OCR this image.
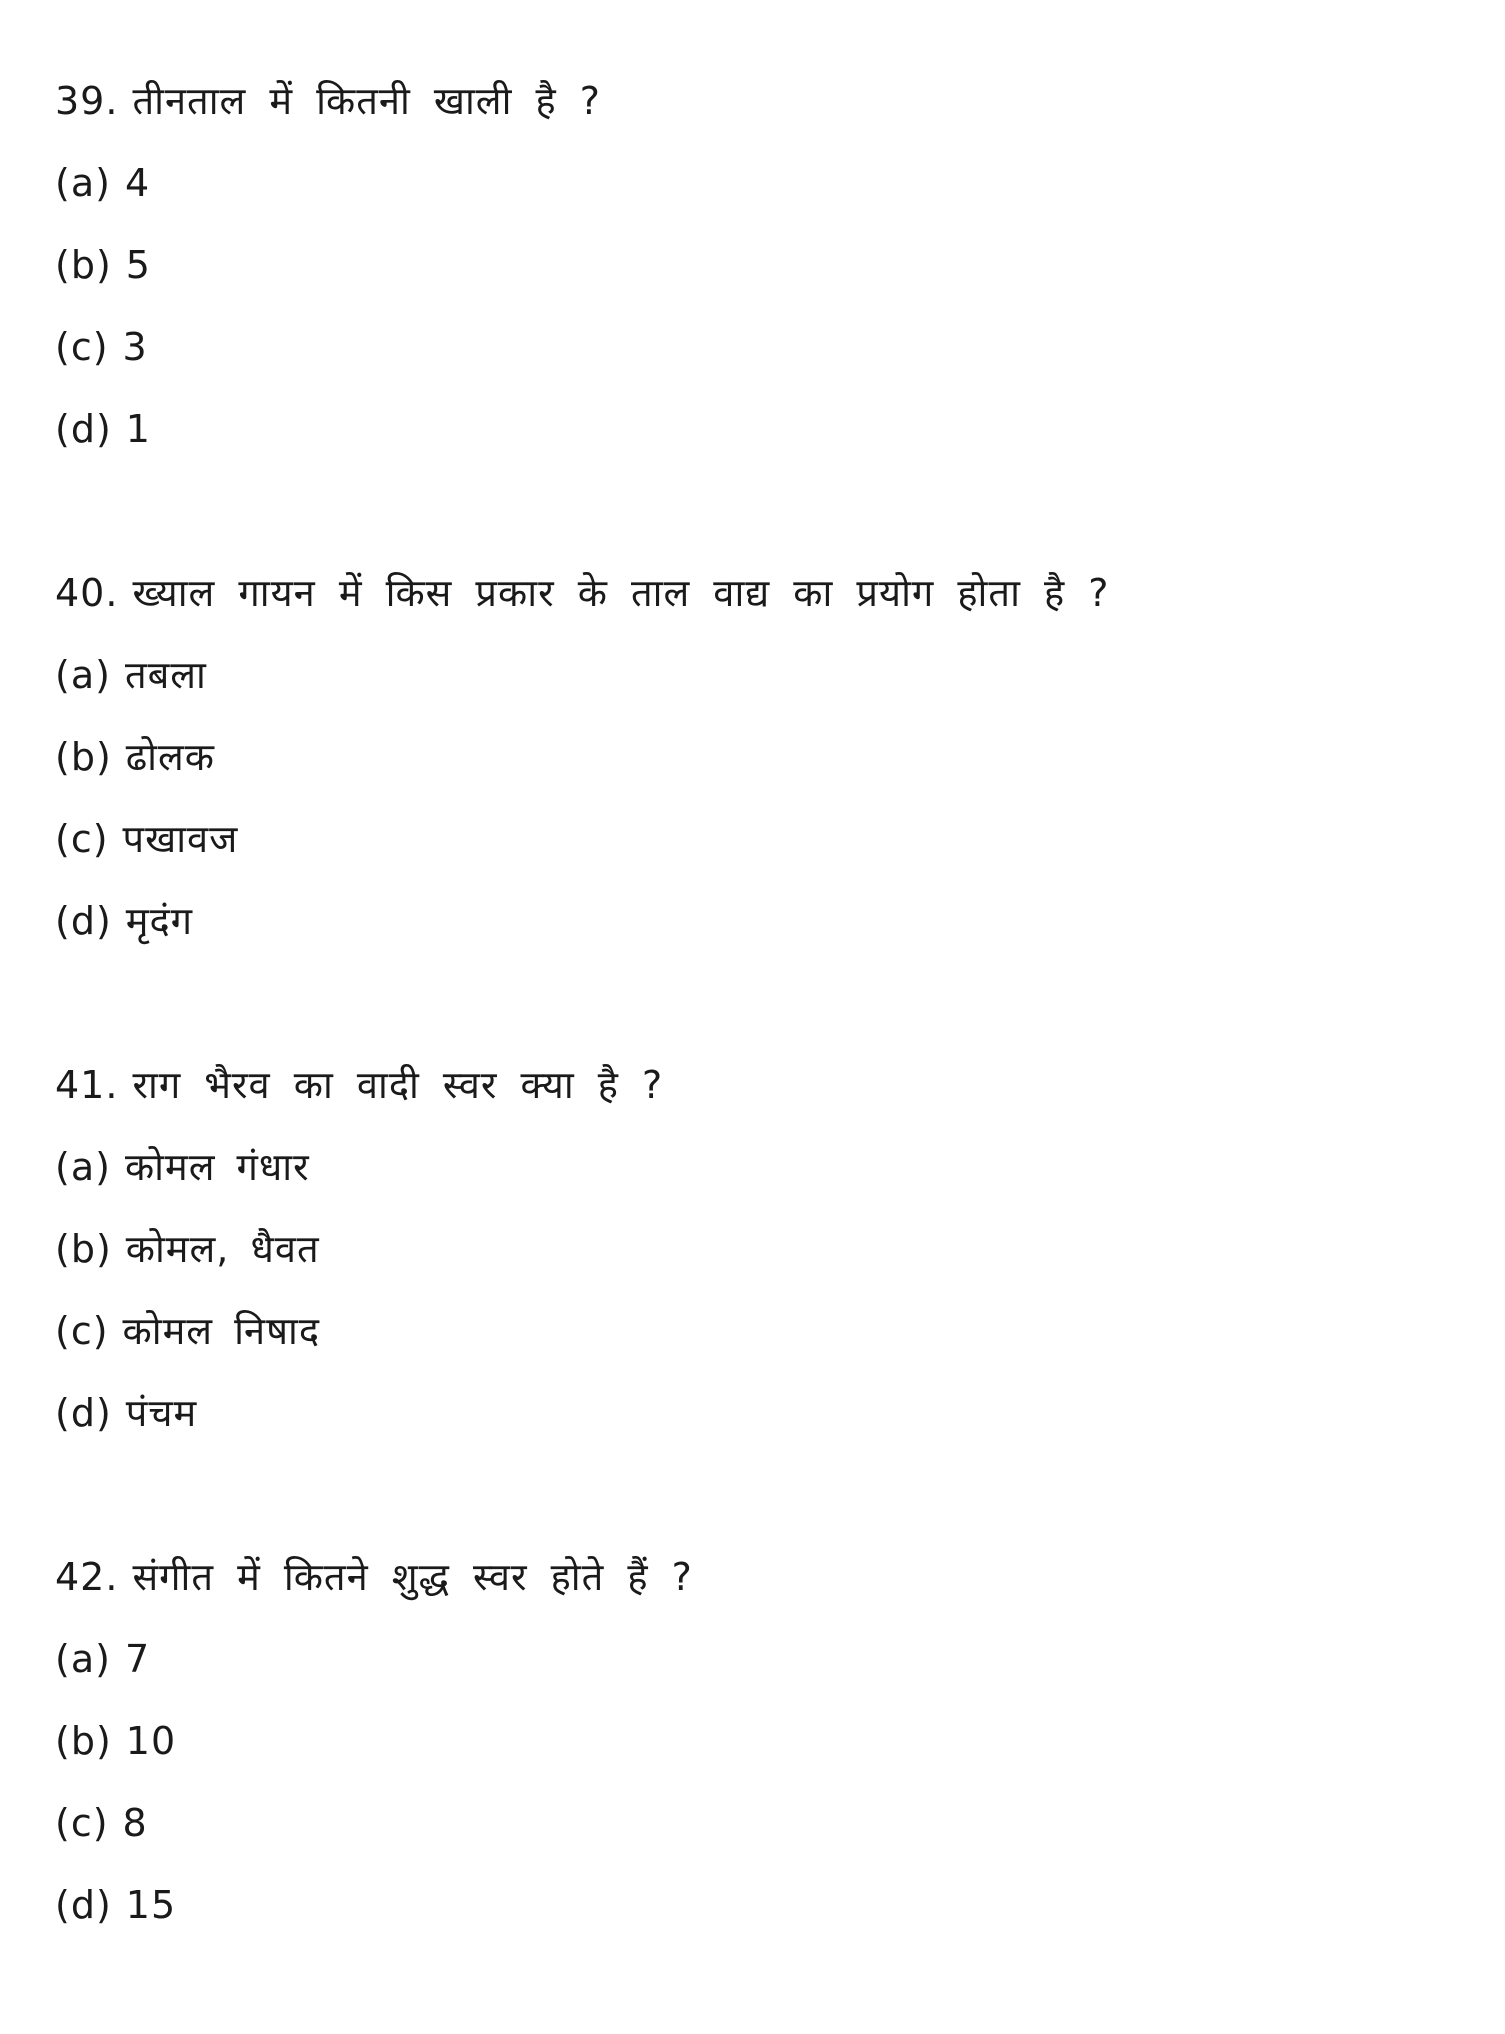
39. तीनताल में कितनी खाली है ?
(a) 4
(b) 5
(c) 3
(d) 1
40. ख्याल गायन में किस प्रकार के ताल वाद्य का प्रयोग होता है ?
(a) तबला
(b) ढोलक
(c) पखावज
(d) मृदंग
41. राग भैरव का वादी स्वर क्या है ?
(a) कोमल गंधार
(b) कोमल, धैवत
(c) कोमल निषाद
(d) पंचम
42. संगीत में कितने शुद्ध स्वर होते हैं ?
(a) 7
(b) 10
(c) 8
(d) 15
